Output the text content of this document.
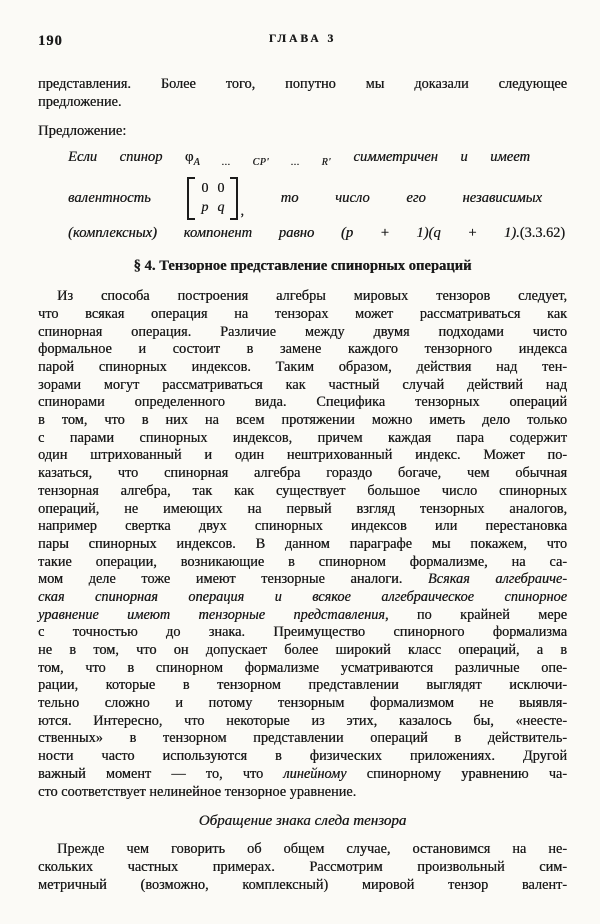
190	ГЛАВА 3
представления. Более того, попутно мы доказали следующее
предложение.
Предложение:
Если спинор $\varphi_{A ... CP' ... R'}$ симметричен и имеет
валентность
0 0
p q ,
то	число	его	независимых
(комплексных) компонент равно (p + 1)(q + 1). (3.3.62)
§ 4. Тензорное представление спинорных операций
Из способа построения алгебры мировых тензоров следует,
что всякая операция на тензорах может рассматриваться как
спинорная операция. Различие между двумя подходами чисто
формальное и состоит в замене каждого тензорного индекса
парой спинорных индексов. Таким образом, действия над тен-
зорами могут рассматриваться как частный случай действий над
спинорами определенного вида. Специфика тензорных операций
в том, что в них на всем протяжении можно иметь дело только
с парами спинорных индексов, причем каждая пара содержит
один штрихованный и один нештрихованный индекс. Может по-
казаться, что спинорная алгебра гораздо богаче, чем обычная
тензорная алгебра, так как существует большое число спинорных
операций, не имеющих на первый взгляд тензорных аналогов,
например свертка двух спинорных индексов или перестановка
пары спинорных индексов. В данном параграфе мы покажем, что
такие операции, возникающие в спинорном формализме, на са-
мом деле тоже имеют тензорные аналоги. Всякая алгебраиче-
ская спинорная операция и всякое алгебраическое спинорное
уравнение имеют тензорные представления, по крайней мере
с точностью до знака. Преимущество спинорного формализма
не в том, что он допускает более широкий класс операций, а в
том, что в спинорном формализме усматриваются различные опе-
рации, которые в тензорном представлении выглядят исключи-
тельно сложно и потому тензорным формализмом не выявля-
ются. Интересно, что некоторые из этих, казалось бы, «неесте-
ственных» в тензорном представлении операций в действитель-
ности часто используются в физических приложениях. Другой
важный момент — то, что линейному спинорному уравнению ча-
сто соответствует нелинейное тензорное уравнение.
Обращение знака следа тензора
Прежде чем говорить об общем случае, остановимся на не-
скольких частных примерах. Рассмотрим произвольный сим-
метричный (возможно, комплексный) мировой тензор валент-
